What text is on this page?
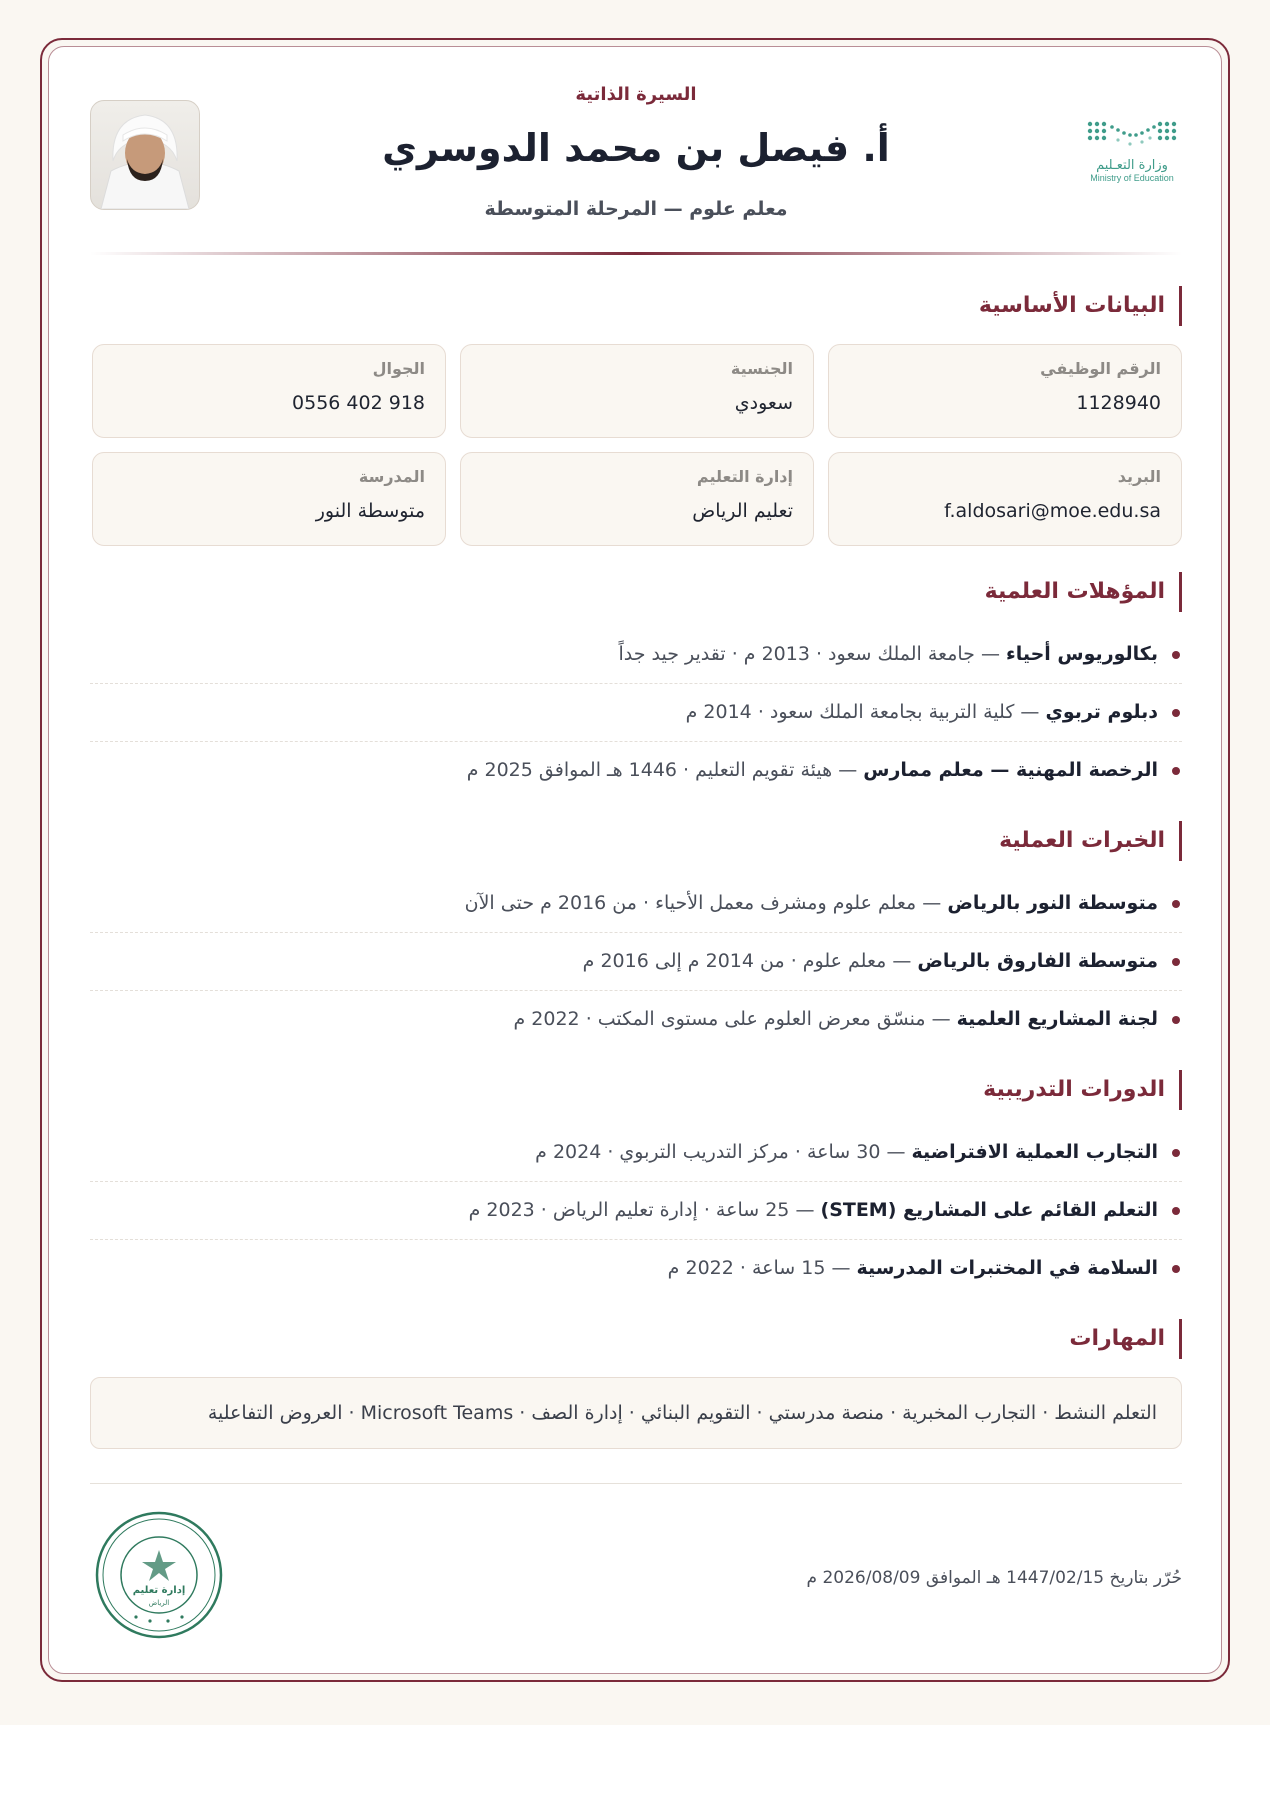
السيرة الذاتية
أ. فيصل بن محمد الدوسري
معلم علوم — المرحلة المتوسطة
وزارة التعـليم
Ministry of Education
البيانات الأساسية
الرقم الوظيفي
1128940
الجنسية
سعودي
الجوال
0556 402 918
البريد
f.aldosari@moe.edu.sa
إدارة التعليم
تعليم الرياض
المدرسة
متوسطة النور
المؤهلات العلمية
بكالوريوس أحياء — جامعة الملك سعود · 2013 م · تقدير جيد جداً
دبلوم تربوي — كلية التربية بجامعة الملك سعود · 2014 م
الرخصة المهنية — معلم ممارس — هيئة تقويم التعليم · 1446 هـ الموافق 2025 م
الخبرات العملية
متوسطة النور بالرياض — معلم علوم ومشرف معمل الأحياء · من 2016 م حتى الآن
متوسطة الفاروق بالرياض — معلم علوم · من 2014 م إلى 2016 م
لجنة المشاريع العلمية — منسّق معرض العلوم على مستوى المكتب · 2022 م
الدورات التدريبية
التجارب العملية الافتراضية — 30 ساعة · مركز التدريب التربوي · 2024 م
التعلم القائم على المشاريع (STEM) — 25 ساعة · إدارة تعليم الرياض · 2023 م
السلامة في المختبرات المدرسية — 15 ساعة · 2022 م
المهارات
التعلم النشط · التجارب المخبرية · منصة مدرستي · التقويم البنائي · إدارة الصف · Microsoft Teams · العروض التفاعلية
حُرّر بتاريخ 1447/02/15 هـ الموافق 2026/08/09 م
إدارة تعليم
الرياض
